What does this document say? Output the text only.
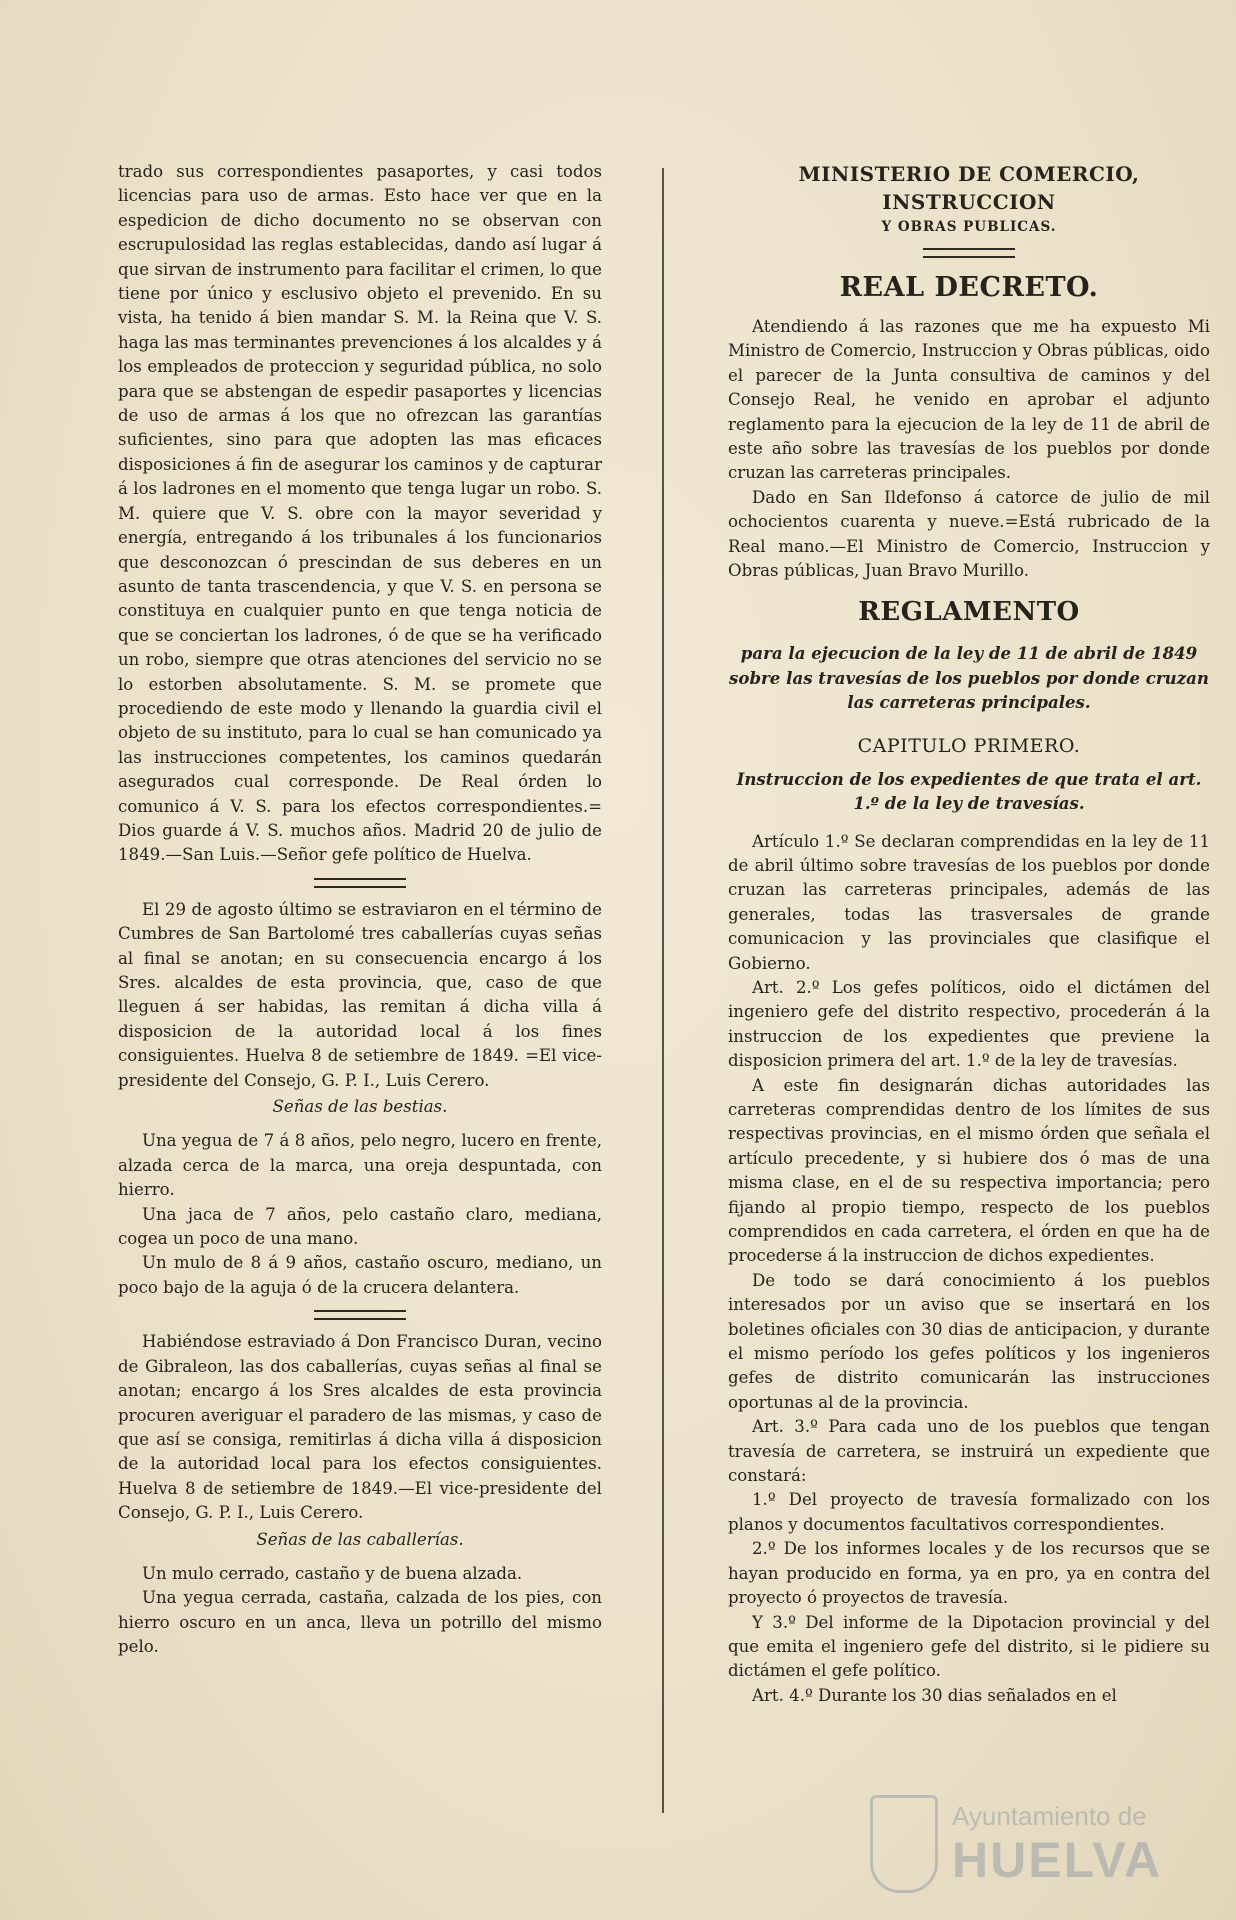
trado sus correspondientes pasaportes, y casi todos licencias para uso de armas. Esto hace ver que en la espedicion de dicho documento no se observan con escrupulosidad las reglas establecidas, dando así lugar á que sirvan de instrumento para facilitar el crimen, lo que tiene por único y esclusivo objeto el prevenido. En su vista, ha tenido á bien mandar S. M. la Reina que V. S. haga las mas terminantes prevenciones á los alcaldes y á los empleados de proteccion y seguridad pública, no solo para que se abstengan de espedir pasaportes y licencias de uso de armas á los que no ofrezcan las garantías suficientes, sino para que adopten las mas eficaces disposiciones á fin de asegurar los caminos y de capturar á los ladrones en el momento que tenga lugar un robo. S. M. quiere que V. S. obre con la mayor severidad y energía, entregando á los tribunales á los funcionarios que desconozcan ó prescindan de sus deberes en un asunto de tanta trascendencia, y que V. S. en persona se constituya en cualquier punto en que tenga noticia de que se conciertan los ladrones, ó de que se ha verificado un robo, siempre que otras atenciones del servicio no se lo estorben absolutamente. S. M. se promete que procediendo de este modo y llenando la guardia civil el objeto de su instituto, para lo cual se han comunicado ya las instrucciones competentes, los caminos quedarán asegurados cual corresponde. De Real órden lo comunico á V. S. para los efectos correspondientes.= Dios guarde á V. S. muchos años. Madrid 20 de julio de 1849.—San Luis.—Señor gefe político de Huelva.

El 29 de agosto último se estraviaron en el término de Cumbres de San Bartolomé tres caballerías cuyas señas al final se anotan; en su consecuencia encargo á los Sres. alcaldes de esta provincia, que, caso de que lleguen á ser habidas, las remitan á dicha villa á disposicion de la autoridad local á los fines consiguientes. Huelva 8 de setiembre de 1849. =El vice-presidente del Consejo, G. P. I., Luis Cerero.

Señas de las bestias.

Una yegua de 7 á 8 años, pelo negro, lucero en frente, alzada cerca de la marca, una oreja despuntada, con hierro.

Una jaca de 7 años, pelo castaño claro, mediana, cogea un poco de una mano.

Un mulo de 8 á 9 años, castaño oscuro, mediano, un poco bajo de la aguja ó de la crucera delantera.

Habiéndose estraviado á Don Francisco Duran, vecino de Gibraleon, las dos caballerías, cuyas señas al final se anotan; encargo á los Sres alcaldes de esta provincia procuren averiguar el paradero de las mismas, y caso de que así se consiga, remitirlas á dicha villa á disposicion de la autoridad local para los efectos consiguientes. Huelva 8 de setiembre de 1849.—El vice-presidente del Consejo, G. P. I., Luis Cerero.

Señas de las caballerías.

Un mulo cerrado, castaño y de buena alzada.

Una yegua cerrada, castaña, calzada de los pies, con hierro oscuro en un anca, lleva un potrillo del mismo pelo.

MINISTERIO DE COMERCIO, INSTRUCCION
Y OBRAS PUBLICAS.
REAL DECRETO.

Atendiendo á las razones que me ha expuesto Mi Ministro de Comercio, Instruccion y Obras públicas, oido el parecer de la Junta consultiva de caminos y del Consejo Real, he venido en aprobar el adjunto reglamento para la ejecucion de la ley de 11 de abril de este año sobre las travesías de los pueblos por donde cruzan las carreteras principales.

Dado en San Ildefonso á catorce de julio de mil ochocientos cuarenta y nueve.=Está rubricado de la Real mano.—El Ministro de Comercio, Instruccion y Obras públicas, Juan Bravo Murillo.

REGLAMENTO
para la ejecucion de la ley de 11 de abril de 1849 sobre las travesías de los pueblos por donde cruzan las carreteras principales.
CAPITULO PRIMERO.
Instruccion de los expedientes de que trata el art. 1.º de la ley de travesías.

Artículo 1.º Se declaran comprendidas en la ley de 11 de abril último sobre travesías de los pueblos por donde cruzan las carreteras principales, además de las generales, todas las trasversales de grande comunicacion y las provinciales que clasifique el Gobierno.

Art. 2.º Los gefes políticos, oido el dictámen del ingeniero gefe del distrito respectivo, procederán á la instruccion de los expedientes que previene la disposicion primera del art. 1.º de la ley de travesías.

A este fin designarán dichas autoridades las carreteras comprendidas dentro de los límites de sus respectivas provincias, en el mismo órden que señala el artículo precedente, y si hubiere dos ó mas de una misma clase, en el de su respectiva importancia; pero fijando al propio tiempo, respecto de los pueblos comprendidos en cada carretera, el órden en que ha de procederse á la instruccion de dichos expedientes.

De todo se dará conocimiento á los pueblos interesados por un aviso que se insertará en los boletines oficiales con 30 dias de anticipacion, y durante el mismo período los gefes políticos y los ingenieros gefes de distrito comunicarán las instrucciones oportunas al de la provincia.

Art. 3.º Para cada uno de los pueblos que tengan travesía de carretera, se instruirá un expediente que constará:

1.º Del proyecto de travesía formalizado con los planos y documentos facultativos correspondientes.

2.º De los informes locales y de los recursos que se hayan producido en forma, ya en pro, ya en contra del proyecto ó proyectos de travesía.

Y 3.º Del informe de la Dipotacion provincial y del que emita el ingeniero gefe del distrito, si le pidiere su dictámen el gefe político.

Art. 4.º Durante los 30 dias señalados en el

Ayuntamiento de
HUELVA
